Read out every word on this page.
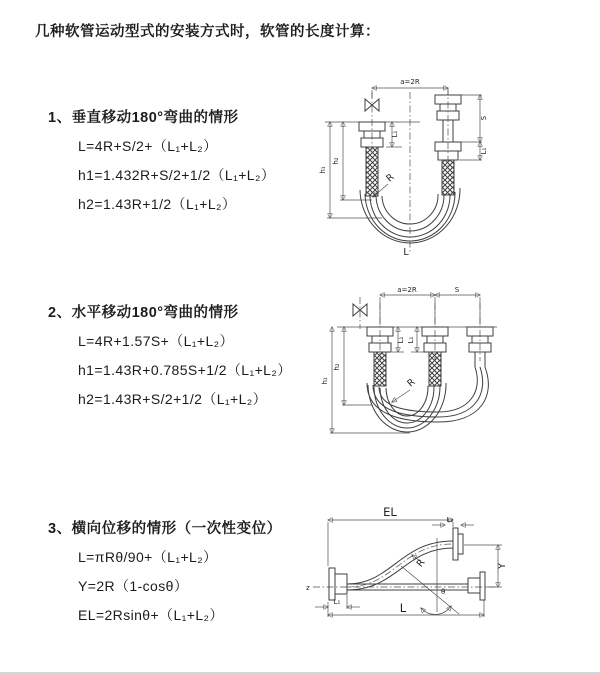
几种软管运动型式的安装方式时，软管的长度计算：
1、垂直移动180°弯曲的情形
L=4R+S/2+（L₁+L₂）
h1=1.432R+S/2+1/2（L₁+L₂）
h2=1.43R+1/2（L₁+L₂）
2、水平移动180°弯曲的情形
L=4R+1.57S+（L₁+L₂）
h1=1.43R+0.785S+1/2（L₁+L₂）
h2=1.43R+S/2+1/2（L₁+L₂）
3、横向位移的情形（一次性变位）
L=πRθ/90+（L₁+L₂）
Y=2R（1-cosθ）
EL=2Rsinθ+（L₁+L₂）
a=2R
L₁
h₁
h₂
S
L₁
R
L
a=2R	S
L₁ L₁
h₁
h₂
R
EL
L₂
Y
L
L₁
R
θ
z
